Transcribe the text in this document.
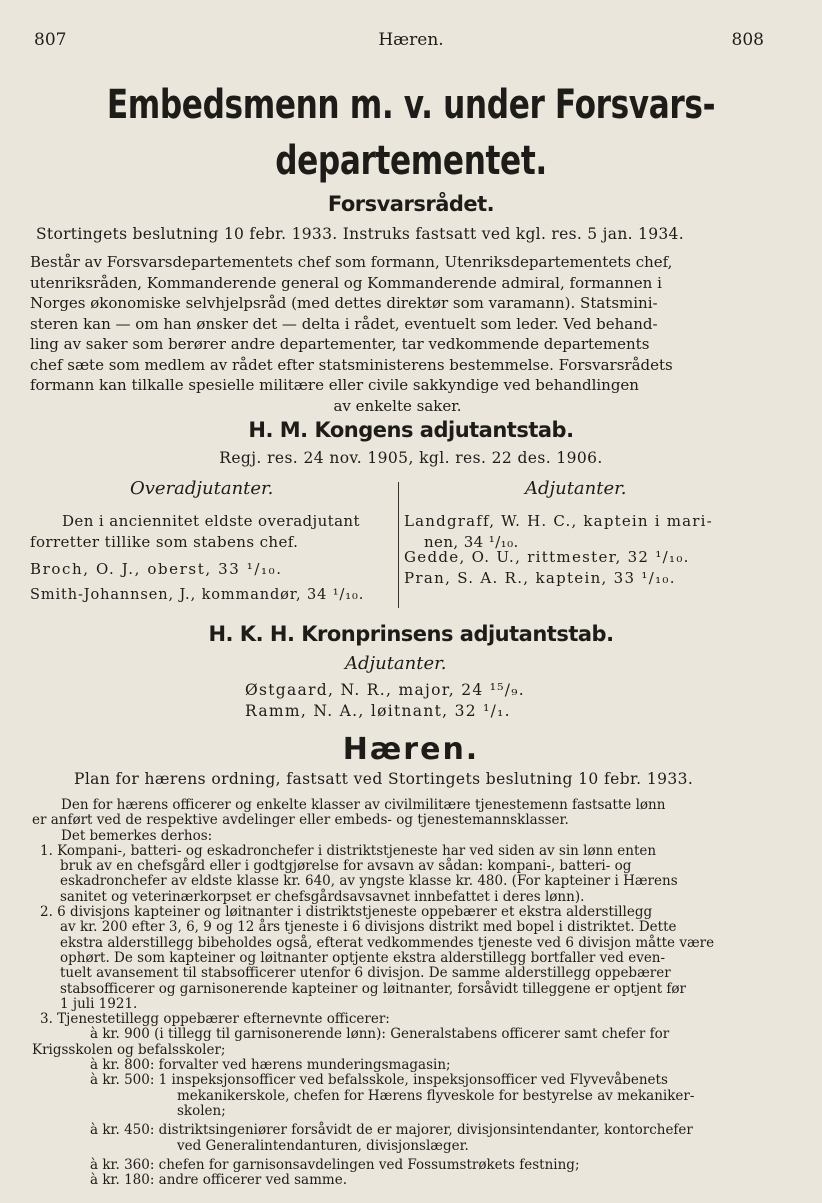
807	Hæren.	808
Embedsmenn m. v. under Forsvars-
departementet.
Forsvarsrådet.
Stortingets beslutning 10 febr. 1933. Instruks fastsatt ved kgl. res. 5 jan. 1934.
Består av Forsvarsdepartementets chef som formann, Utenriksdepartementets chef,
utenriksråden, Kommanderende general og Kommanderende admiral, formannen i
Norges økonomiske selvhjelpsråd (med dettes direktør som varamann). Statsmini-
steren kan — om han ønsker det — delta i rådet, eventuelt som leder. Ved behand-
ling av saker som berører andre departementer, tar vedkommende departements
chef sæte som medlem av rådet efter statsministerens bestemmelse. Forsvarsrådets
formann kan tilkalle spesielle militære eller civile sakkyndige ved behandlingen
av enkelte saker.
H. M. Kongens adjutantstab.
Regj. res. 24 nov. 1905, kgl. res. 22 des. 1906.
Overadjutanter.	Adjutanter.
Den i anciennitet eldste overadjutant
forretter tillike som stabens chef.
Broch, O. J., oberst, 33 ¹/₁₀.
Smith-Johannsen, J., kommandør, 34 ¹/₁₀.
Landgraff, W. H. C., kaptein i mari-
nen, 34 ¹/₁₀.
Gedde, O. U., rittmester, 32 ¹/₁₀.
Pran, S. A. R., kaptein, 33 ¹/₁₀.
H. K. H. Kronprinsens adjutantstab.
Adjutanter.
Østgaard, N. R., major, 24 ¹⁵/₉.
Ramm, N. A., løitnant, 32 ¹/₁.
Hæren.
Plan for hærens ordning, fastsatt ved Stortingets beslutning 10 febr. 1933.
Den for hærens officerer og enkelte klasser av civilmilitære tjenestemenn fastsatte lønn
er anført ved de respektive avdelinger eller embeds- og tjenestemannsklasser.
Det bemerkes derhos:
1. Kompani-, batteri- og eskadronchefer i distriktstjeneste har ved siden av sin lønn enten
bruk av en chefsgård eller i godtgjørelse for avsavn av sådan: kompani-, batteri- og
eskadronchefer av eldste klasse kr. 640, av yngste klasse kr. 480. (For kapteiner i Hærens
sanitet og veterinærkorpset er chefsgårdsavsavnet innbefattet i deres lønn).
2. 6 divisjons kapteiner og løitnanter i distriktstjeneste oppebærer et ekstra alderstillegg
av kr. 200 efter 3, 6, 9 og 12 års tjeneste i 6 divisjons distrikt med bopel i distriktet. Dette
ekstra alderstillegg bibeholdes også, efterat vedkommendes tjeneste ved 6 divisjon måtte være
ophørt. De som kapteiner og løitnanter optjente ekstra alderstillegg bortfaller ved even-
tuelt avansement til stabsofficerer utenfor 6 divisjon. De samme alderstillegg oppebærer
stabsofficerer og garnisonerende kapteiner og løitnanter, forsåvidt tilleggene er optjent før
1 juli 1921.
3. Tjenestetillegg oppebærer efternevnte officerer:
à kr. 900 (i tillegg til garnisonerende lønn): Generalstabens officerer samt chefer for
Krigsskolen og befalsskoler;
à kr. 800: forvalter ved hærens munderingsmagasin;
à kr. 500: 1 inspeksjonsofficer ved befalsskole, inspeksjonsofficer ved Flyvevåbenets
mekanikerskole, chefen for Hærens flyveskole for bestyrelse av mekaniker-
skolen;
à kr. 450: distriktsingeniører forsåvidt de er majorer, divisjonsintendanter, kontorchefer
ved Generalintendanturen, divisjonslæger.
à kr. 360: chefen for garnisonsavdelingen ved Fossumstrøkets festning;
à kr. 180: andre officerer ved samme.
